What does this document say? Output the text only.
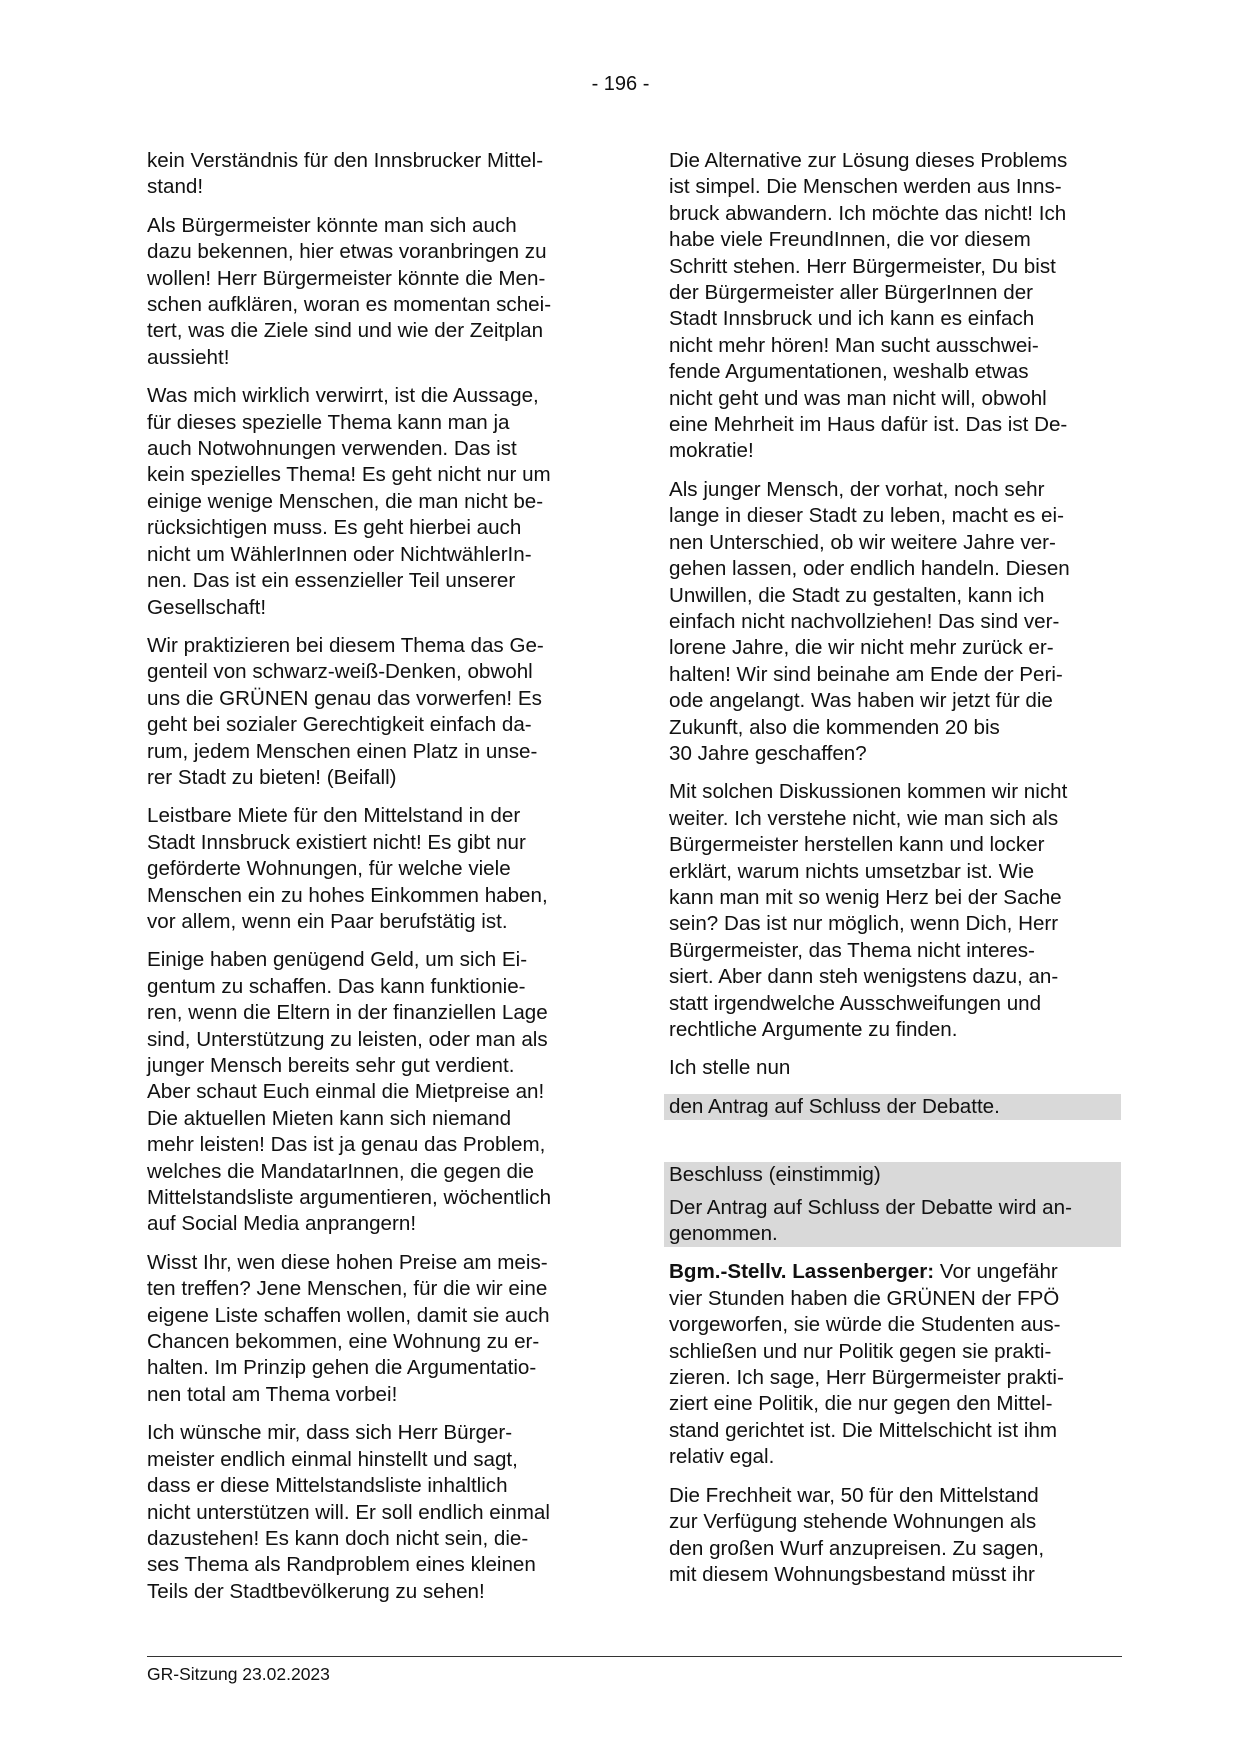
- 196 -

kein Verständnis für den Innsbrucker Mittel-
stand!

Als Bürgermeister könnte man sich auch
dazu bekennen, hier etwas voranbringen zu
wollen! Herr Bürgermeister könnte die Men-
schen aufklären, woran es momentan schei-
tert, was die Ziele sind und wie der Zeitplan
aussieht!

Was mich wirklich verwirrt, ist die Aussage,
für dieses spezielle Thema kann man ja
auch Notwohnungen verwenden. Das ist
kein spezielles Thema! Es geht nicht nur um
einige wenige Menschen, die man nicht be-
rücksichtigen muss. Es geht hierbei auch
nicht um WählerInnen oder NichtwählerIn-
nen. Das ist ein essenzieller Teil unserer
Gesellschaft!

Wir praktizieren bei diesem Thema das Ge-
genteil von schwarz-weiß-Denken, obwohl
uns die GRÜNEN genau das vorwerfen! Es
geht bei sozialer Gerechtigkeit einfach da-
rum, jedem Menschen einen Platz in unse-
rer Stadt zu bieten! (Beifall)

Leistbare Miete für den Mittelstand in der
Stadt Innsbruck existiert nicht! Es gibt nur
geförderte Wohnungen, für welche viele
Menschen ein zu hohes Einkommen haben,
vor allem, wenn ein Paar berufstätig ist.

Einige haben genügend Geld, um sich Ei-
gentum zu schaffen. Das kann funktionie-
ren, wenn die Eltern in der finanziellen Lage
sind, Unterstützung zu leisten, oder man als
junger Mensch bereits sehr gut verdient.
Aber schaut Euch einmal die Mietpreise an!
Die aktuellen Mieten kann sich niemand
mehr leisten! Das ist ja genau das Problem,
welches die MandatarInnen, die gegen die
Mittelstandsliste argumentieren, wöchentlich
auf Social Media anprangern!

Wisst Ihr, wen diese hohen Preise am meis-
ten treffen? Jene Menschen, für die wir eine
eigene Liste schaffen wollen, damit sie auch
Chancen bekommen, eine Wohnung zu er-
halten. Im Prinzip gehen die Argumentatio-
nen total am Thema vorbei!

Ich wünsche mir, dass sich Herr Bürger-
meister endlich einmal hinstellt und sagt,
dass er diese Mittelstandsliste inhaltlich
nicht unterstützen will. Er soll endlich einmal
dazustehen! Es kann doch nicht sein, die-
ses Thema als Randproblem eines kleinen
Teils der Stadtbevölkerung zu sehen!

Die Alternative zur Lösung dieses Problems
ist simpel. Die Menschen werden aus Inns-
bruck abwandern. Ich möchte das nicht! Ich
habe viele FreundInnen, die vor diesem
Schritt stehen. Herr Bürgermeister, Du bist
der Bürgermeister aller BürgerInnen der
Stadt Innsbruck und ich kann es einfach
nicht mehr hören! Man sucht ausschwei-
fende Argumentationen, weshalb etwas
nicht geht und was man nicht will, obwohl
eine Mehrheit im Haus dafür ist. Das ist De-
mokratie!

Als junger Mensch, der vorhat, noch sehr
lange in dieser Stadt zu leben, macht es ei-
nen Unterschied, ob wir weitere Jahre ver-
gehen lassen, oder endlich handeln. Diesen
Unwillen, die Stadt zu gestalten, kann ich
einfach nicht nachvollziehen! Das sind ver-
lorene Jahre, die wir nicht mehr zurück er-
halten! Wir sind beinahe am Ende der Peri-
ode angelangt. Was haben wir jetzt für die
Zukunft, also die kommenden 20 bis
30 Jahre geschaffen?

Mit solchen Diskussionen kommen wir nicht
weiter. Ich verstehe nicht, wie man sich als
Bürgermeister herstellen kann und locker
erklärt, warum nichts umsetzbar ist. Wie
kann man mit so wenig Herz bei der Sache
sein? Das ist nur möglich, wenn Dich, Herr
Bürgermeister, das Thema nicht interes-
siert. Aber dann steh wenigstens dazu, an-
statt irgendwelche Ausschweifungen und
rechtliche Argumente zu finden.

Ich stelle nun

den Antrag auf Schluss der Debatte.

Beschluss (einstimmig)

Der Antrag auf Schluss der Debatte wird an-
genommen.

Bgm.-Stellv. Lassenberger: Vor ungefähr
vier Stunden haben die GRÜNEN der FPÖ
vorgeworfen, sie würde die Studenten aus-
schließen und nur Politik gegen sie prakti-
zieren. Ich sage, Herr Bürgermeister prakti-
ziert eine Politik, die nur gegen den Mittel-
stand gerichtet ist. Die Mittelschicht ist ihm
relativ egal.

Die Frechheit war, 50 für den Mittelstand
zur Verfügung stehende Wohnungen als
den großen Wurf anzupreisen. Zu sagen,
mit diesem Wohnungsbestand müsst ihr

GR-Sitzung 23.02.2023
